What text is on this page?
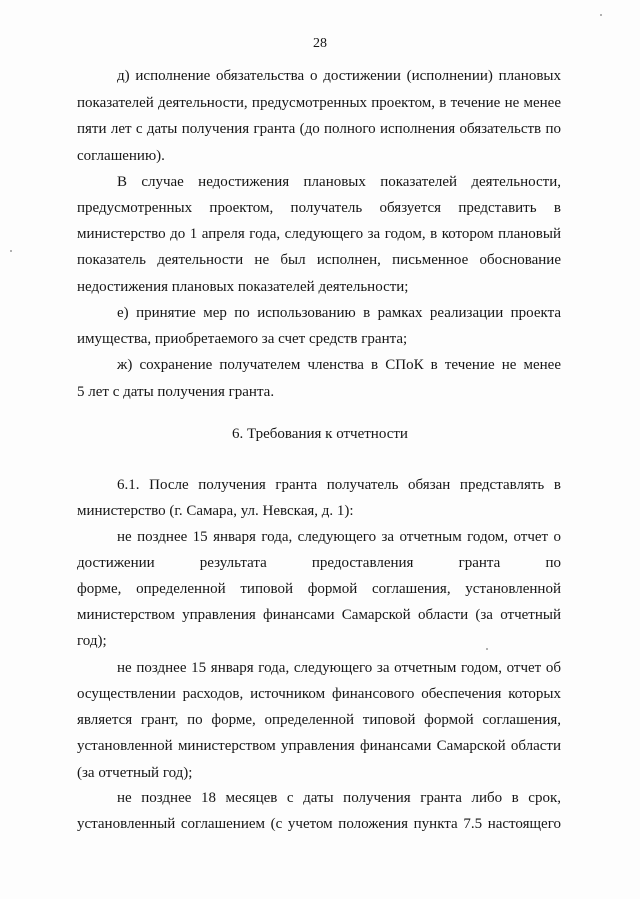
28
д) исполнение обязательства о достижении (исполнении) плановых
показателей деятельности, предусмотренных проектом, в течение не менее
пяти лет с даты получения гранта (до полного исполнения обязательств по
соглашению).
В случае недостижения плановых показателей деятельности,
предусмотренных проектом, получатель обязуется представить в
министерство до 1 апреля года, следующего за годом, в котором плановый
показатель деятельности не был исполнен, письменное обоснование
недостижения плановых показателей деятельности;
е) принятие мер по использованию в рамках реализации проекта
имущества, приобретаемого за счет средств гранта;
ж) сохранение получателем членства в СПоК в течение не менее
5 лет с даты получения гранта.
6. Требования к отчетности
6.1. После получения гранта получатель обязан представлять в
министерство (г. Самара, ул. Невская, д. 1):
не позднее 15 января года, следующего за отчетным годом, отчет о
достижении результата предоставления гранта по
форме, определенной типовой формой соглашения, установленной
министерством управления финансами Самарской области (за отчетный
год);
не позднее 15 января года, следующего за отчетным годом, отчет об
осуществлении расходов, источником финансового обеспечения которых
является грант, по форме, определенной типовой формой соглашения,
установленной министерством управления финансами Самарской области
(за отчетный год);
не позднее 18 месяцев с даты получения гранта либо в срок,
установленный соглашением (с учетом положения пункта 7.5 настоящего
